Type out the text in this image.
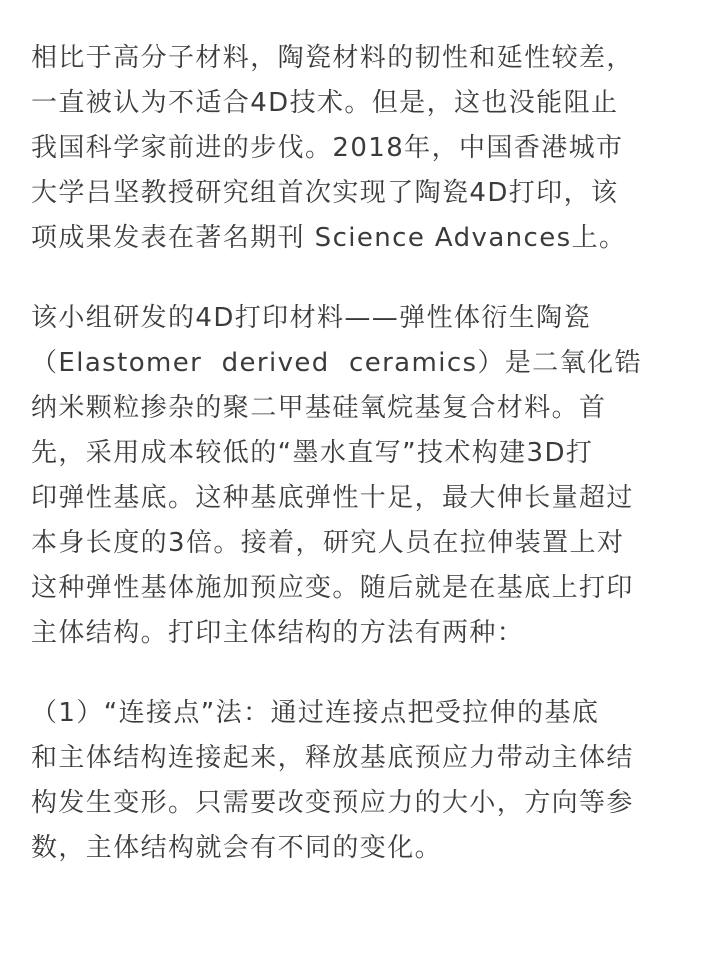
相比于高分子材料，陶瓷材料的韧性和延性较差，
一直被认为不适合4D技术。但是，这也没能阻止
我国科学家前进的步伐。2018年，中国香港城市
大学吕坚教授研究组首次实现了陶瓷4D打印，该
项成果发表在著名期刊 Science Advances上。

该小组研发的4D打印材料——弹性体衍生陶瓷
（Elastomer  derived  ceramics）是二氧化锆
纳米颗粒掺杂的聚二甲基硅氧烷基复合材料。首
先，采用成本较低的“墨水直写”技术构建3D打
印弹性基底。这种基底弹性十足，最大伸长量超过
本身长度的3倍。接着，研究人员在拉伸装置上对
这种弹性基体施加预应变。随后就是在基底上打印
主体结构。打印主体结构的方法有两种：

（1）“连接点”法：通过连接点把受拉伸的基底
和主体结构连接起来，释放基底预应力带动主体结
构发生变形。只需要改变预应力的大小，方向等参
数，主体结构就会有不同的变化。
